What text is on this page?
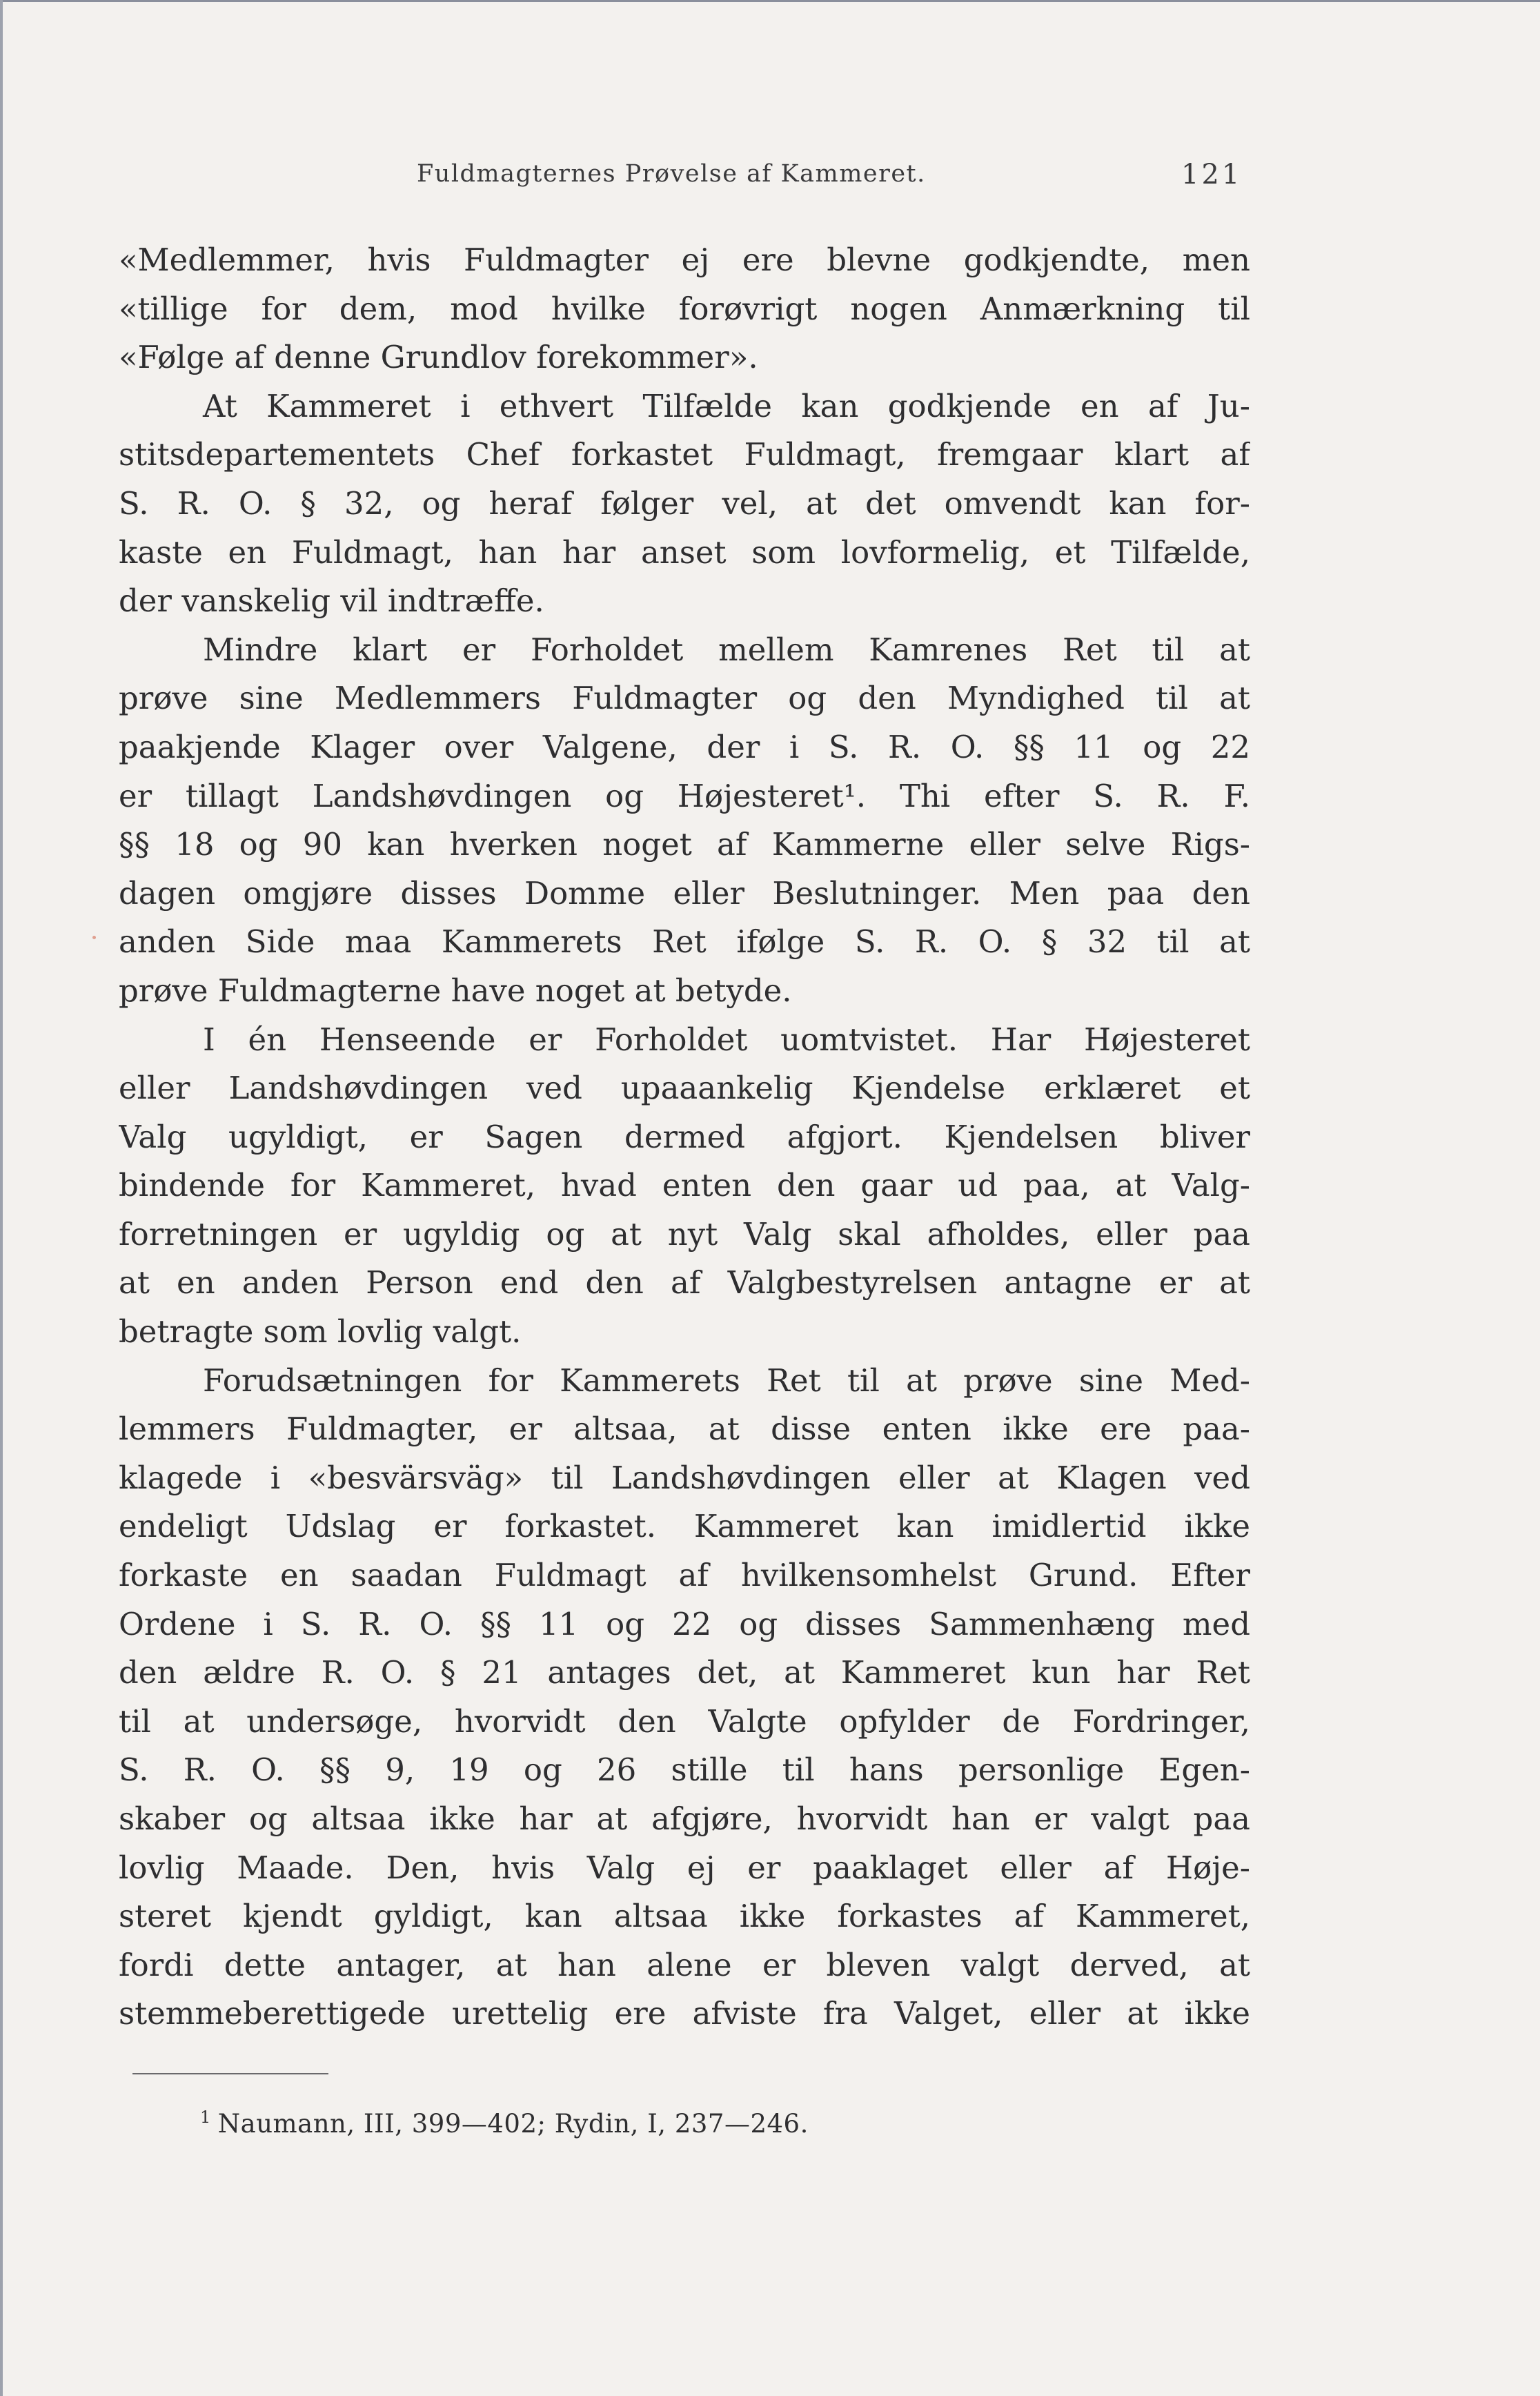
Fuldmagternes Prøvelse af Kammeret.	121
«Medlemmer, hvis Fuldmagter ej ere blevne godkjendte, men
«tillige for dem, mod hvilke forøvrigt nogen Anmærkning til
«Følge af denne Grundlov forekommer».
At Kammeret i ethvert Tilfælde kan godkjende en af Ju-
stitsdepartementets Chef forkastet Fuldmagt, fremgaar klart af
S. R. O. § 32, og heraf følger vel, at det omvendt kan for-
kaste en Fuldmagt, han har anset som lovformelig, et Tilfælde,
der vanskelig vil indtræffe.
Mindre klart er Forholdet mellem Kamrenes Ret til at
prøve sine Medlemmers Fuldmagter og den Myndighed til at
paakjende Klager over Valgene, der i S. R. O. §§ 11 og 22
er tillagt Landshøvdingen og Højesteret¹. Thi efter S. R. F.
§§ 18 og 90 kan hverken noget af Kammerne eller selve Rigs-
dagen omgjøre disses Domme eller Beslutninger. Men paa den
anden Side maa Kammerets Ret ifølge S. R. O. § 32 til at
prøve Fuldmagterne have noget at betyde.
I én Henseende er Forholdet uomtvistet. Har Højesteret
eller Landshøvdingen ved upaaankelig Kjendelse erklæret et
Valg ugyldigt, er Sagen dermed afgjort. Kjendelsen bliver
bindende for Kammeret, hvad enten den gaar ud paa, at Valg-
forretningen er ugyldig og at nyt Valg skal afholdes, eller paa
at en anden Person end den af Valgbestyrelsen antagne er at
betragte som lovlig valgt.
Forudsætningen for Kammerets Ret til at prøve sine Med-
lemmers Fuldmagter, er altsaa, at disse enten ikke ere paa-
klagede i «besvärsväg» til Landshøvdingen eller at Klagen ved
endeligt Udslag er forkastet. Kammeret kan imidlertid ikke
forkaste en saadan Fuldmagt af hvilkensomhelst Grund. Efter
Ordene i S. R. O. §§ 11 og 22 og disses Sammenhæng med
den ældre R. O. § 21 antages det, at Kammeret kun har Ret
til at undersøge, hvorvidt den Valgte opfylder de Fordringer,
S. R. O. §§ 9, 19 og 26 stille til hans personlige Egen-
skaber og altsaa ikke har at afgjøre, hvorvidt han er valgt paa
lovlig Maade. Den, hvis Valg ej er paaklaget eller af Høje-
steret kjendt gyldigt, kan altsaa ikke forkastes af Kammeret,
fordi dette antager, at han alene er bleven valgt derved, at
stemmeberettigede urettelig ere afviste fra Valget, eller at ikke
$^1$ Naumann, III, 399—402; Rydin, I, 237—246.
